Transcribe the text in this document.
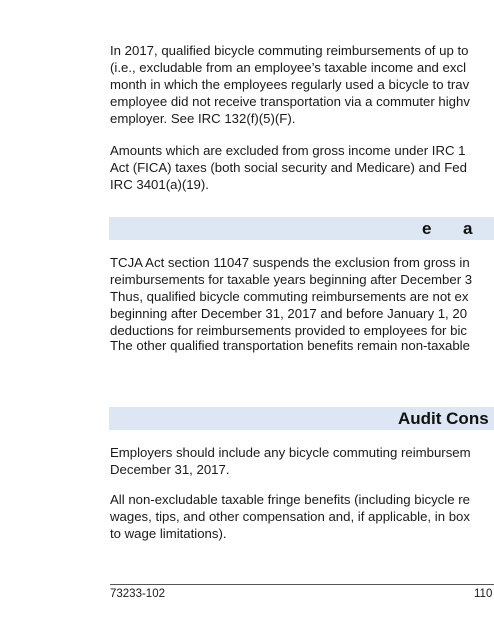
In 2017, qualified bicycle commuting reimbursements of up to
(i.e., excludable from an employee’s taxable income and excl
month in which the employees regularly used a bicycle to trav
employee did not receive transportation via a commuter highv
employer. See IRC 132(f)(5)(F).

Amounts which are excluded from gross income under IRC 1
Act (FICA) taxes (both social security and Medicare) and Fed
IRC 3401(a)(19).

e a

TCJA Act section 11047 suspends the exclusion from gross in
reimbursements for taxable years beginning after December 3

Thus, qualified bicycle commuting reimbursements are not ex
beginning after December 31, 2017 and before January 1, 20
deductions for reimbursements provided to employees for bic

The other qualified transportation benefits remain non-taxable

Audit Cons

Employers should include any bicycle commuting reimbursem
December 31, 2017.

All non-excludable taxable fringe benefits (including bicycle re
wages, tips, and other compensation and, if applicable, in box
to wage limitations).

73233-102	110
